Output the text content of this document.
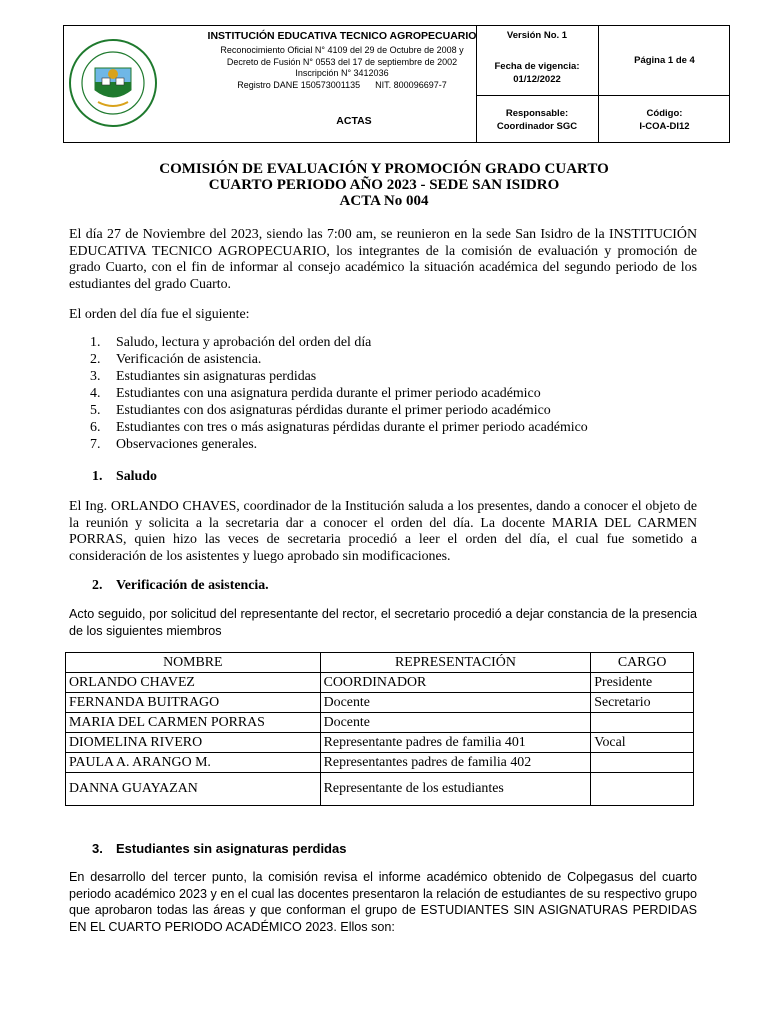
INSTITUCIÓN EDUCATIVA TECNICO AGROPECUARIO
Reconocimiento Oficial N° 4109 del 29 de Octubre de 2008 y
Decreto de Fusión N° 0553 del 17 de septiembre de 2002
Inscripción N° 3412036
Registro DANE 150573001135      NIT. 800096697-7
ACTAS
Versión No. 1
Fecha de vigencia:
01/12/2022
Página 1 de 4
Responsable:
Coordinador SGC
Código:
I-COA-DI12
COMISIÓN DE EVALUACIÓN Y PROMOCIÓN GRADO CUARTO
CUARTO PERIODO AÑO 2023 - SEDE SAN ISIDRO
ACTA No 004
El día 27 de Noviembre del 2023, siendo las 7:00 am, se reunieron en la sede San Isidro de la INSTITUCIÓN EDUCATIVA TECNICO AGROPECUARIO, los integrantes de la comisión de evaluación y promoción de grado Cuarto, con el fin de informar al consejo académico la situación académica del segundo periodo de los estudiantes del grado Cuarto.
El orden del día fue el siguiente:
1. Saludo, lectura y aprobación del orden del día
2. Verificación de asistencia.
3. Estudiantes sin asignaturas perdidas
4. Estudiantes con una asignatura perdida durante el primer periodo académico
5. Estudiantes con dos asignaturas pérdidas durante el primer periodo académico
6. Estudiantes con tres o más asignaturas pérdidas durante el primer periodo académico
7. Observaciones generales.
1. Saludo
El Ing. ORLANDO CHAVES, coordinador de la Institución saluda a los presentes, dando a conocer el objeto de la reunión y solicita a la secretaria dar a conocer el orden del día. La docente MARIA DEL CARMEN PORRAS, quien hizo las veces de secretaria procedió a leer el orden del día, el cual fue sometido a consideración de los asistentes y luego aprobado sin modificaciones.
2. Verificación de asistencia.
Acto seguido, por solicitud del representante del rector, el secretario procedió a dejar constancia de la presencia de los siguientes miembros
NOMBRE	REPRESENTACIÓN	CARGO
ORLANDO CHAVEZ	COORDINADOR	Presidente
FERNANDA BUITRAGO	Docente	Secretario
MARIA DEL CARMEN PORRAS	Docente	
DIOMELINA RIVERO	Representante padres de familia 401	Vocal
PAULA A. ARANGO M.	Representantes padres de familia 402	
DANNA GUAYAZAN	Representante de los estudiantes	
3. Estudiantes sin asignaturas perdidas
En desarrollo del tercer punto, la comisión revisa el informe académico obtenido de Colpegasus del cuarto periodo académico 2023 y en el cual las docentes presentaron la relación de estudiantes de su respectivo grupo que aprobaron todas las áreas y que conforman el grupo de ESTUDIANTES SIN ASIGNATURAS PERDIDAS EN EL CUARTO PERIODO ACADÉMICO 2023. Ellos son:
